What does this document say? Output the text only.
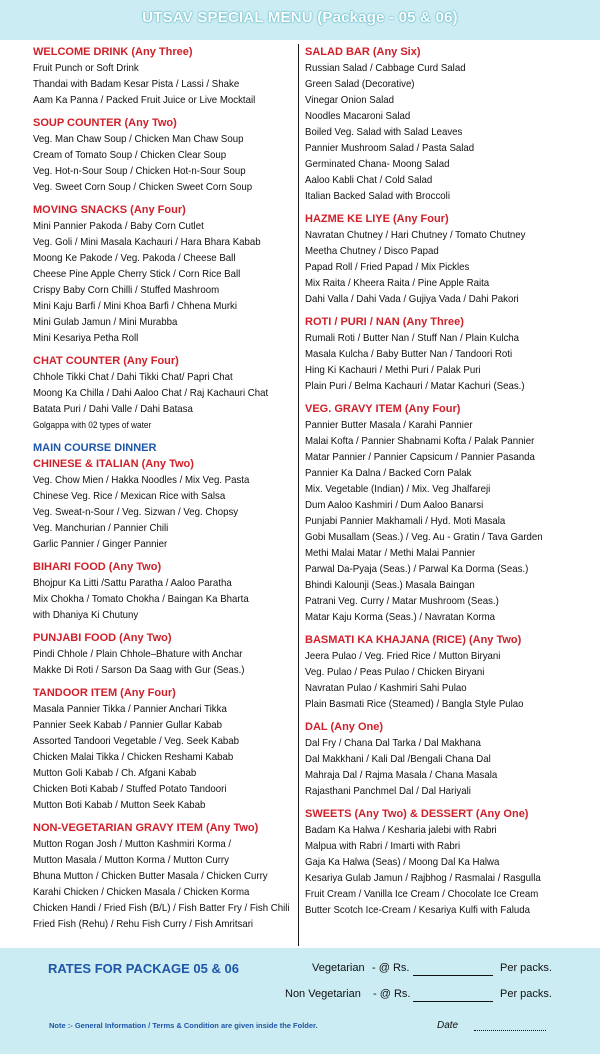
UTSAV SPECIAL MENU (Package - 05 & 06)
WELCOME DRINK (Any Three)
Fruit Punch or Soft Drink
Thandai with Badam Kesar Pista / Lassi / Shake
Aam Ka Panna / Packed Fruit Juice or Live Mocktail
SOUP COUNTER (Any Two)
Veg. Man Chaw Soup / Chicken Man Chaw Soup
Cream of Tomato Soup / Chicken Clear Soup
Veg. Hot-n-Sour Soup / Chicken Hot-n-Sour Soup
Veg. Sweet Corn Soup / Chicken Sweet Corn Soup
MOVING SNACKS (Any Four)
Mini Pannier Pakoda / Baby Corn Cutlet
Veg. Goli / Mini Masala Kachauri / Hara Bhara Kabab
Moong Ke Pakode / Veg. Pakoda / Cheese Ball
Cheese Pine Apple Cherry Stick / Corn Rice Ball
Crispy Baby Corn Chilli / Stuffed Mashroom
Mini Kaju Barfi / Mini Khoa Barfi / Chhena Murki
Mini Gulab Jamun / Mini Murabba
Mini Kesariya Petha Roll
CHAT COUNTER (Any Four)
Chhole Tikki Chat / Dahi Tikki Chat/ Papri Chat
Moong Ka Chilla / Dahi Aaloo Chat / Raj Kachauri Chat
Batata Puri / Dahi Valle / Dahi Batasa
Golgappa with 02 types of water
MAIN COURSE DINNER
CHINESE & ITALIAN (Any Two)
Veg. Chow Mien / Hakka Noodles / Mix Veg. Pasta
Chinese Veg. Rice / Mexican Rice with Salsa
Veg. Sweat-n-Sour / Veg. Sizwan / Veg. Chopsy
Veg. Manchurian / Pannier Chili
Garlic Pannier / Ginger Pannier
BIHARI FOOD (Any Two)
Bhojpur Ka Litti /Sattu Paratha / Aaloo Paratha
Mix Chokha / Tomato Chokha / Baingan Ka Bharta
with Dhaniya Ki Chutuny
PUNJABI FOOD (Any Two)
Pindi Chhole / Plain Chhole–Bhature with Anchar
Makke Di Roti / Sarson Da Saag with Gur (Seas.)
TANDOOR ITEM (Any Four)
Masala Pannier Tikka / Pannier Anchari Tikka
Pannier Seek Kabab / Pannier Gullar Kabab
Assorted Tandoori Vegetable / Veg. Seek Kabab
Chicken Malai Tikka / Chicken Reshami Kabab
Mutton Goli Kabab / Ch. Afgani Kabab
Chicken Boti Kabab / Stuffed Potato Tandoori
Mutton Boti Kabab / Mutton Seek Kabab
NON-VEGETARIAN GRAVY ITEM (Any Two)
Mutton Rogan Josh / Mutton Kashmiri Korma /
Mutton Masala / Mutton Korma / Mutton Curry
Bhuna Mutton / Chicken Butter Masala / Chicken Curry
Karahi Chicken / Chicken Masala / Chicken Korma
Chicken Handi / Fried Fish (B/L) / Fish Batter Fry / Fish Chili
Fried Fish (Rehu) / Rehu Fish Curry / Fish Amritsari
SALAD BAR (Any Six)
Russian Salad / Cabbage Curd Salad
Green Salad (Decorative)
Vinegar Onion Salad
Noodles Macaroni Salad
Boiled Veg. Salad with Salad Leaves
Pannier Mushroom Salad / Pasta Salad
Germinated Chana- Moong Salad
Aaloo Kabli Chat / Cold Salad
Italian Backed Salad with Broccoli
HAZME KE LIYE (Any Four)
Navratan Chutney / Hari Chutney / Tomato Chutney
Meetha Chutney / Disco Papad
Papad Roll / Fried Papad / Mix Pickles
Mix Raita / Kheera Raita / Pine Apple Raita
Dahi Valla / Dahi Vada / Gujiya Vada / Dahi Pakori
ROTI / PURI / NAN (Any Three)
Rumali Roti / Butter Nan / Stuff Nan / Plain Kulcha
Masala Kulcha / Baby Butter Nan / Tandoori Roti
Hing Ki Kachauri / Methi Puri / Palak Puri
Plain Puri / Belma Kachauri / Matar Kachuri (Seas.)
VEG. GRAVY ITEM (Any Four)
Pannier Butter Masala / Karahi Pannier
Malai Kofta / Pannier Shabnami Kofta / Palak Pannier
Matar Pannier / Pannier Capsicum / Pannier Pasanda
Pannier Ka Dalna / Backed Corn Palak
Mix. Vegetable (Indian) / Mix. Veg Jhalfareji
Dum Aaloo Kashmiri / Dum Aaloo Banarsi
Punjabi Pannier Makhamali / Hyd. Moti Masala
Gobi Musallam (Seas.) / Veg. Au - Gratin / Tava Garden
Methi Malai Matar / Methi Malai Pannier
Parwal Da-Pyaja (Seas.) / Parwal Ka Dorma (Seas.)
Bhindi Kalounji (Seas.) Masala Baingan
Patrani Veg. Curry / Matar Mushroom (Seas.)
Matar Kaju Korma (Seas.) / Navratan Korma
BASMATI KA KHAJANA (RICE) (Any Two)
Jeera Pulao / Veg. Fried Rice / Mutton Biryani
Veg. Pulao / Peas Pulao / Chicken Biryani
Navratan Pulao / Kashmiri Sahi Pulao
Plain Basmati Rice (Steamed) / Bangla Style Pulao
DAL (Any One)
Dal Fry / Chana Dal Tarka / Dal Makhana
Dal Makkhani / Kali Dal /Bengali Chana Dal
Mahraja Dal / Rajma Masala / Chana Masala
Rajasthani Panchmel Dal / Dal Hariyali
SWEETS (Any Two) & DESSERT (Any One)
Badam Ka Halwa / Kesharia jalebi with Rabri
Malpua with Rabri / Imarti with Rabri
Gaja Ka Halwa (Seas) / Moong Dal Ka Halwa
Kesariya Gulab Jamun / Rajbhog / Rasmalai / Rasgulla
Fruit Cream / Vanilla Ice Cream / Chocolate Ice Cream
Butter Scotch Ice-Cream / Kesariya Kulfi with Faluda
RATES FOR PACKAGE 05 & 06	Vegetarian - @ Rs.	Per packs.
Non Vegetarian - @ Rs.	Per packs.
Note :- General Information / Terms & Condition are given inside the Folder.	Date
